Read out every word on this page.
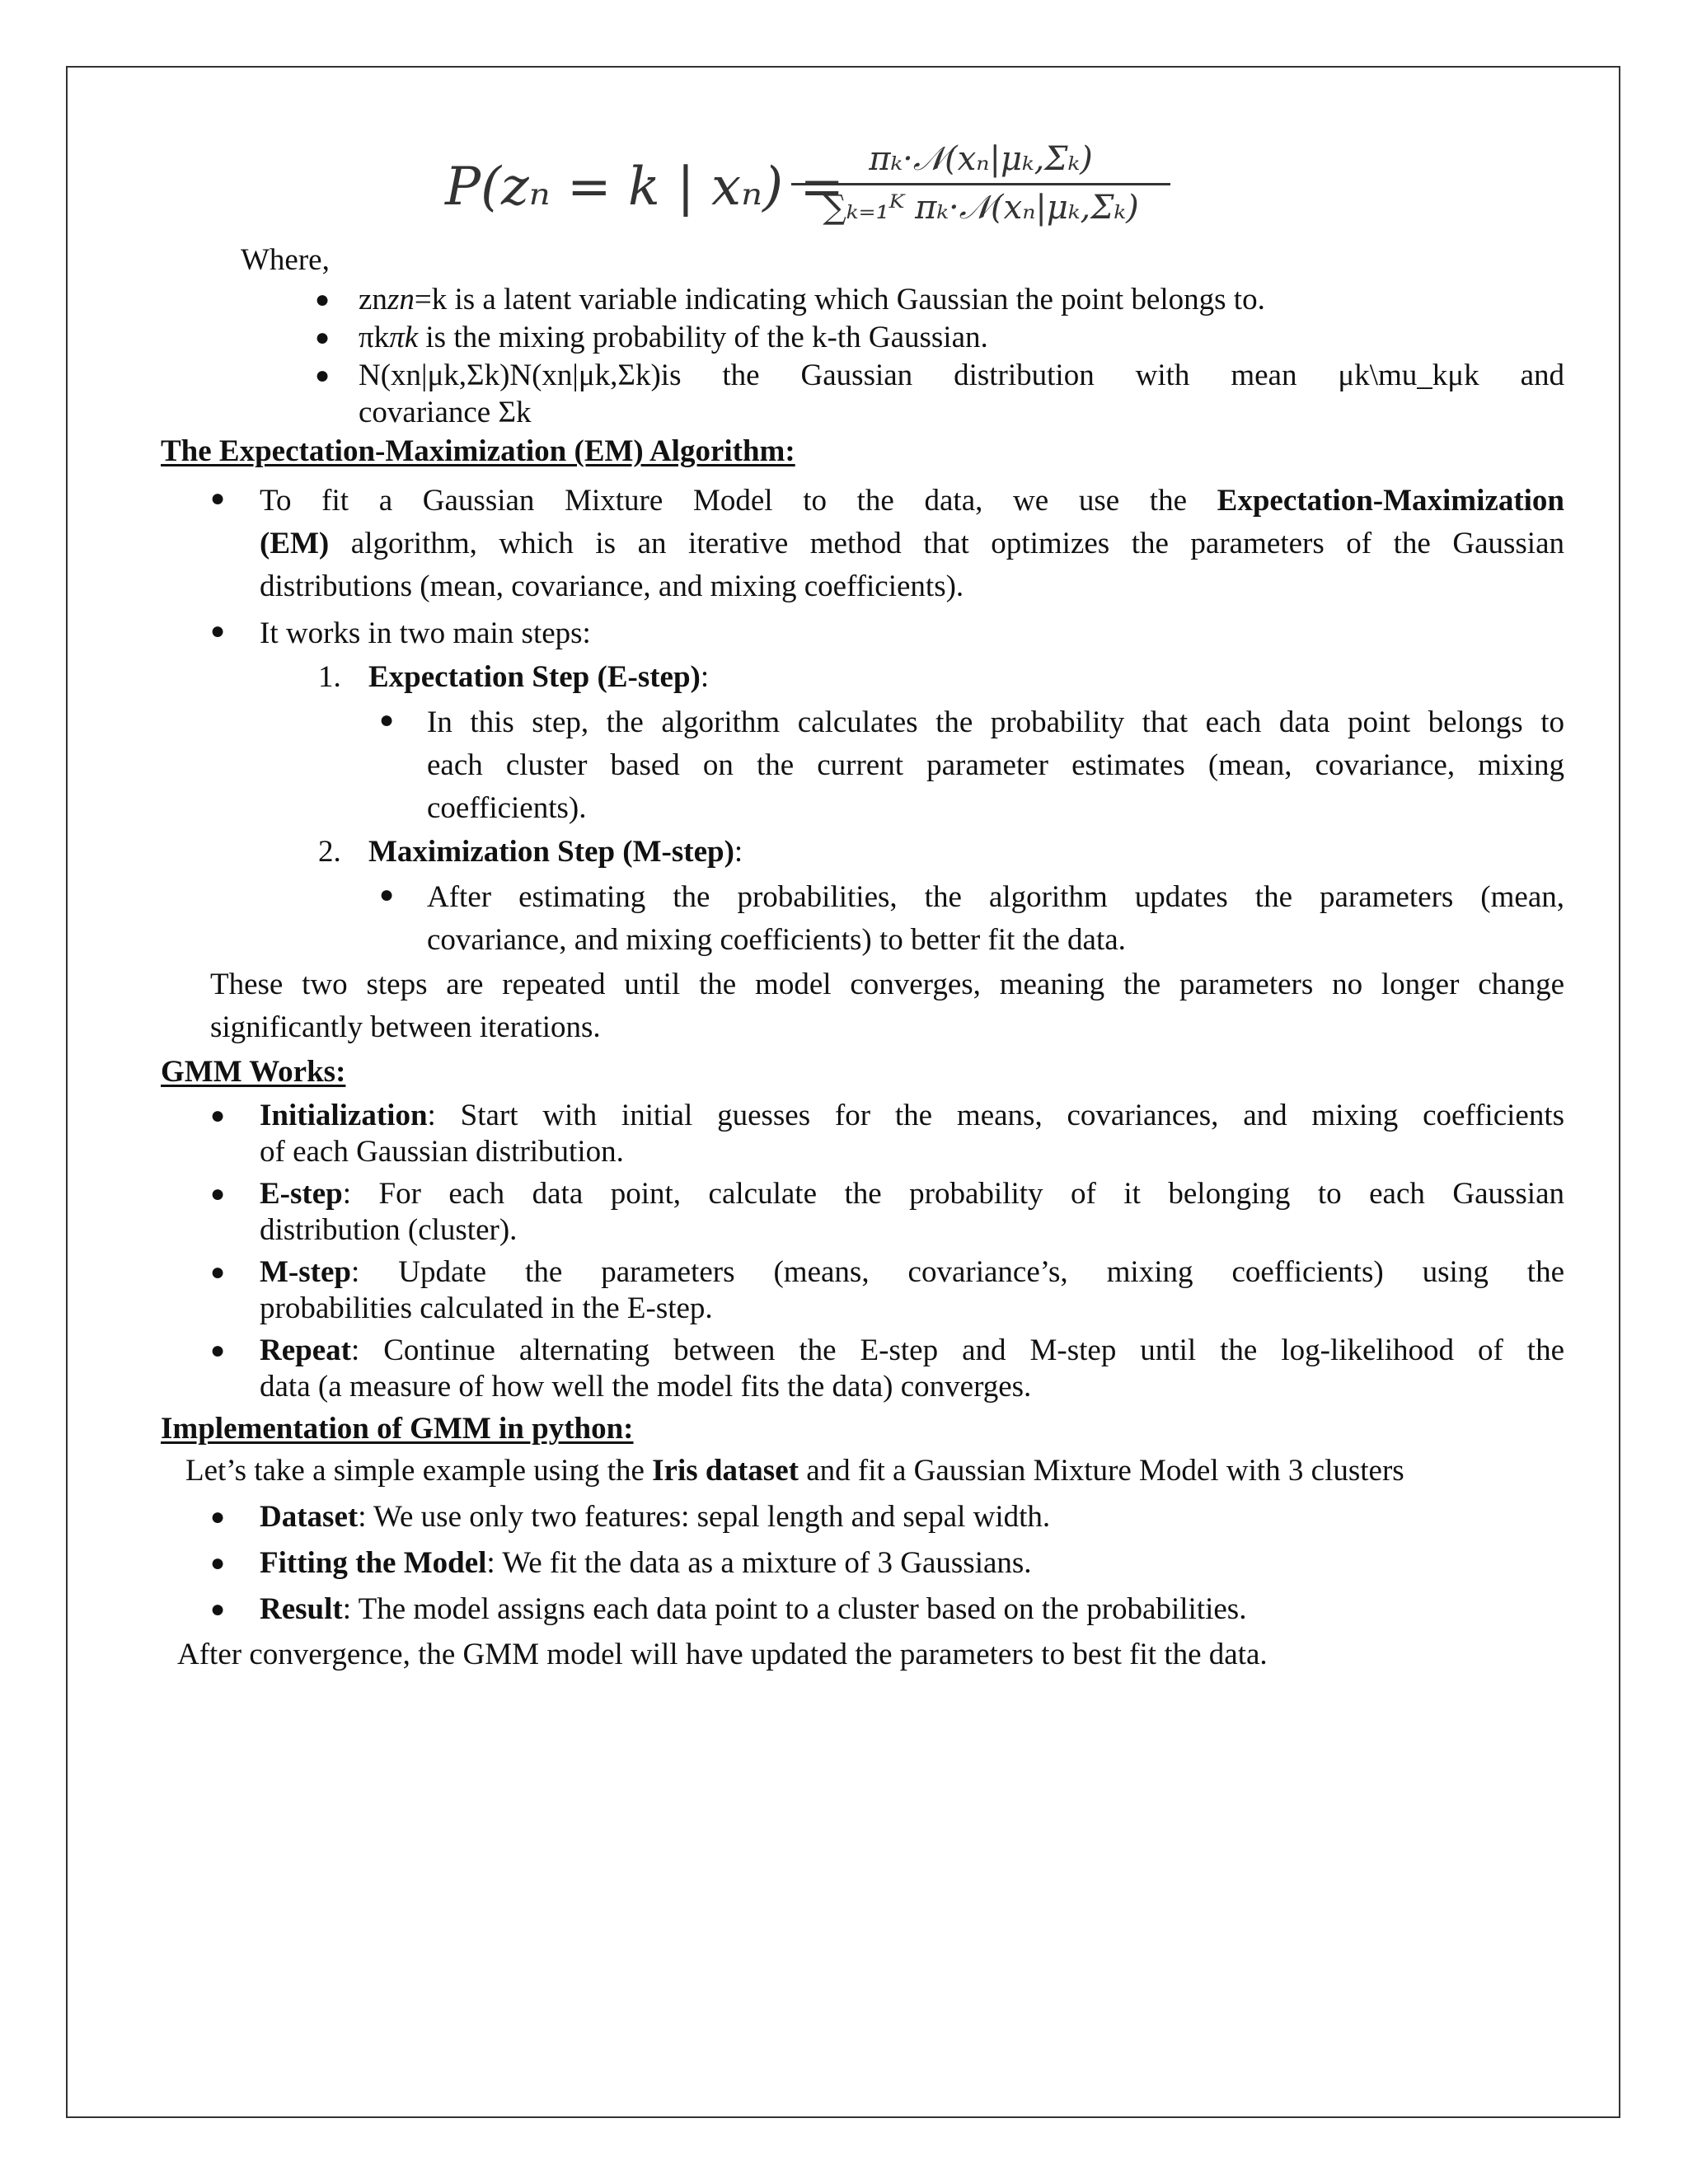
P(zₙ = k | xₙ) = πₖ·𝒩(xₙ|μₖ,Σₖ)
∑ₖ₌₁ᴷ πₖ·𝒩(xₙ|μₖ,Σₖ)
Where,
● znzn=k is a latent variable indicating which Gaussian the point belongs to.
● πkπk is the mixing probability of the k-th Gaussian.
● N(xn|μk,Σk)N(xn|μk,Σk)is the Gaussian distribution with mean μk\mu_kμk and
covariance Σk
The Expectation-Maximization (EM) Algorithm:
● To fit a Gaussian Mixture Model to the data, we use the Expectation-Maximization
(EM) algorithm, which is an iterative method that optimizes the parameters of the Gaussian
distributions (mean, covariance, and mixing coefficients).
● It works in two main steps:
1. Expectation Step (E-step):
● In this step, the algorithm calculates the probability that each data point belongs to
each cluster based on the current parameter estimates (mean, covariance, mixing
coefficients).
2. Maximization Step (M-step):
● After estimating the probabilities, the algorithm updates the parameters (mean,
covariance, and mixing coefficients) to better fit the data.
These two steps are repeated until the model converges, meaning the parameters no longer change
significantly between iterations.
GMM Works:
● Initialization: Start with initial guesses for the means, covariances, and mixing coefficients
of each Gaussian distribution.
● E-step: For each data point, calculate the probability of it belonging to each Gaussian
distribution (cluster).
● M-step: Update the parameters (means, covariance’s, mixing coefficients) using the
probabilities calculated in the E-step.
● Repeat: Continue alternating between the E-step and M-step until the log-likelihood of the
data (a measure of how well the model fits the data) converges.
Implementation of GMM in python:
Let’s take a simple example using the Iris dataset and fit a Gaussian Mixture Model with 3 clusters
● Dataset: We use only two features: sepal length and sepal width.
● Fitting the Model: We fit the data as a mixture of 3 Gaussians.
● Result: The model assigns each data point to a cluster based on the probabilities.
After convergence, the GMM model will have updated the parameters to best fit the data.
